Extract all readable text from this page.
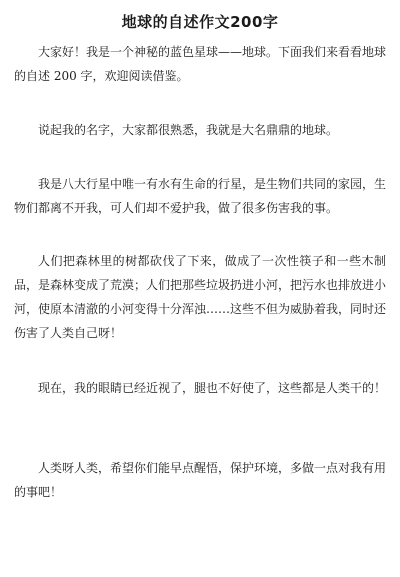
地球的自述作文200字

大家好！我是一个神秘的蓝色星球——地球。下面我们来看看地球的自述 200 字，欢迎阅读借鉴。

说起我的名字，大家都很熟悉，我就是大名鼎鼎的地球。

我是八大行星中唯一有水有生命的行星，是生物们共同的家园，生物们都离不开我，可人们却不爱护我，做了很多伤害我的事。

人们把森林里的树都砍伐了下来，做成了一次性筷子和一些木制品，是森林变成了荒漠；人们把那些垃圾扔进小河，把污水也排放进小河，使原本清澈的小河变得十分浑浊……这些不但为威胁着我，同时还伤害了人类自己呀！

现在，我的眼睛已经近视了，腿也不好使了，这些都是人类干的！

人类呀人类，希望你们能早点醒悟，保护环境，多做一点对我有用的事吧！
